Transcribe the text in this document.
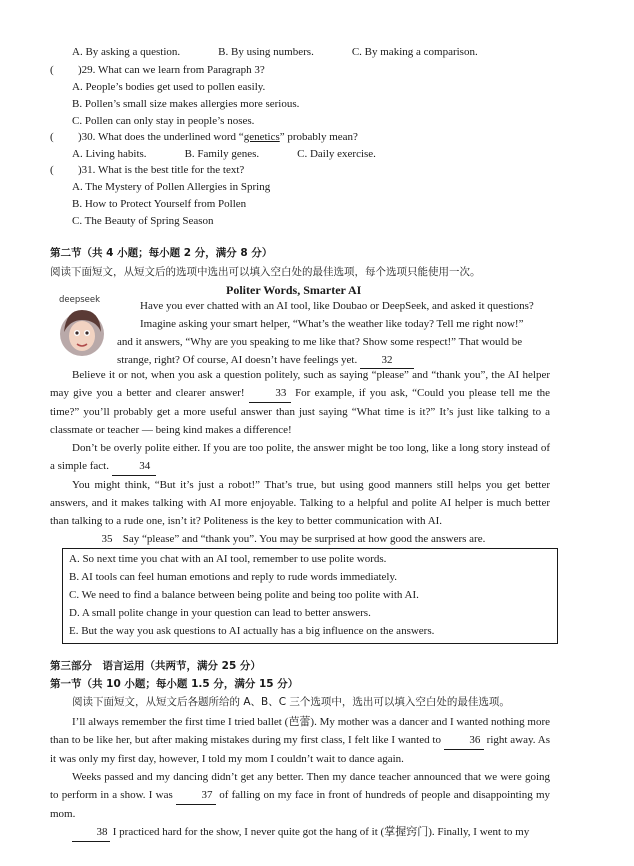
A. By asking a question.	B. By using numbers.	C. By making a comparison.
( )29. What can we learn from Paragraph 3?
A. People’s bodies get used to pollen easily.
B. Pollen’s small size makes allergies more serious.
C. Pollen can only stay in people’s noses.
( )30. What does the underlined word “genetics” probably mean?
A. Living habits.	B. Family genes.	C. Daily exercise.
( )31. What is the best title for the text?
A. The Mystery of Pollen Allergies in Spring
B. How to Protect Yourself from Pollen
C. The Beauty of Spring Season
第二节（共 4 小题；每小题 2 分，满分 8 分）
阅读下面短文，从短文后的选项中选出可以填入空白处的最佳选项，每个选项只能使用一次。
Politer Words, Smarter AI
deepseek	Have you ever chatted with an AI tool, like Doubao or DeepSeek, and asked it questions?
Imagine asking your smart helper, “What’s the weather like today? Tell me right now!”
and it answers, “Why are you speaking to me like that? Show some respect!” That would be
strange, right? Of course, AI doesn’t have feelings yet. 32

Believe it or not, when you ask a question politely, such as saying “please” and “thank you”, the AI helper may give you a better and clearer answer!	33 For example, if you ask, “Could you please tell me the time?” you’ll probably get a more useful answer than just saying “What time is it?” It’s just like talking to a classmate or teacher — being kind makes a difference!

Don’t be overly polite either. If you are too polite, the answer might be too long, like a long story instead of a simple fact.	34

You might think, “But it’s just a robot!” That’s true, but using good manners still helps you get better answers, and it makes talking with AI more enjoyable. Talking to a helpful and polite AI helper is much better than talking to a rude one, isn’t it? Politeness is the key to better communication with AI.

35 Say “please” and “thank you”. You may be surprised at how good the answers are.

A. So next time you chat with an AI tool, remember to use polite words.
B. AI tools can feel human emotions and reply to rude words immediately.
C. We need to find a balance between being polite and being too polite with AI.
D. A small polite change in your question can lead to better answers.
E. But the way you ask questions to AI actually has a big influence on the answers.
第三部分　语言运用（共两节，满分 25 分）
第一节（共 10 小题；每小题 1.5 分，满分 15 分）
阅读下面短文，从短文后各题所给的 A、B、C 三个选项中，选出可以填入空白处的最佳选项。

I’ll always remember the first time I tried ballet (芭蕾). My mother was a dancer and I wanted nothing more than to be like her, but after making mistakes during my first class, I felt like I wanted to	36 right away. As it was only my first day, however, I told my mom I couldn’t wait to dance again.

Weeks passed and my dancing didn’t get any better. Then my dance teacher announced that we were going to perform in a show. I was	37 of falling on my face in front of hundreds of people and disappointing my mom.

38 I practiced hard for the show, I never quite got the hang of it (掌握窍门). Finally, I went to my
